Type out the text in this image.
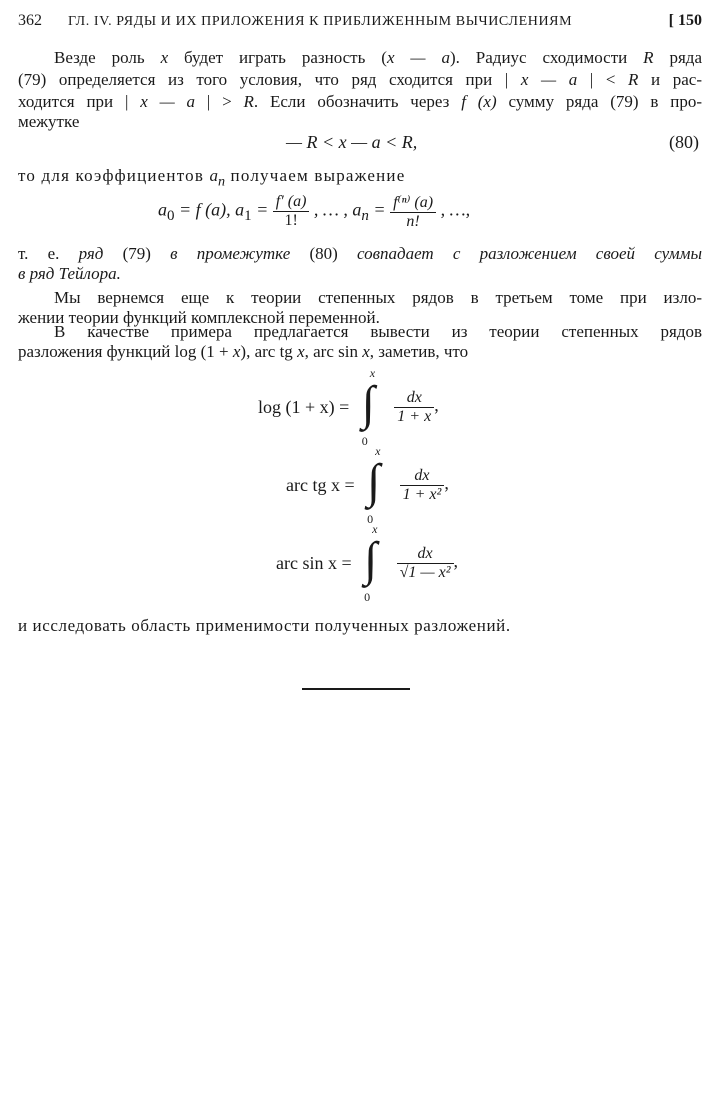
362 ГЛ. IV. РЯДЫ И ИХ ПРИЛОЖЕНИЯ К ПРИБЛИЖЕННЫМ ВЫЧИСЛЕНИЯМ	[ 150
Везде роль x будет играть разность (x — a). Радиус сходимости R ряда
(79) определяется из того условия, что ряд сходится при | x — a | < R и рас-
ходится при | x — a | > R. Если обозначить через f (x) сумму ряда (79) в про-
межутке
— R < x — a < R,	(80)
то для коэффициентов $a_n$ получаем выражение
$a_0 = f$ (a), $a_1 = \frac{f' (a)}{1!}$ , … , $a_n = \frac{\text{f⁽ⁿ⁾ (a)}}{n!}$ , …,
т. е. ряд (79) в промежутке (80) совпадает с разложением своей суммы
в ряд Тейлора.
Мы вернемся еще к теории степенных рядов в третьем томе при изло-
жении теории функций комплексной переменной.
В качестве примера предлагается вывести из теории степенных рядов
разложения функций log (1 + x), arc tg x, arc sin x, заметив, что
log (1 + x) = ∫
x
0

$\frac{dx}{1 + x}$ ,
arc tg x = ∫
x
0

$\frac{dx}{\text{1 + x²}}$ ,
arc sin x = ∫
x
0

$\frac{dx}{\text{√1 — x²}}$ ,
и исследовать область применимости полученных разложений.
